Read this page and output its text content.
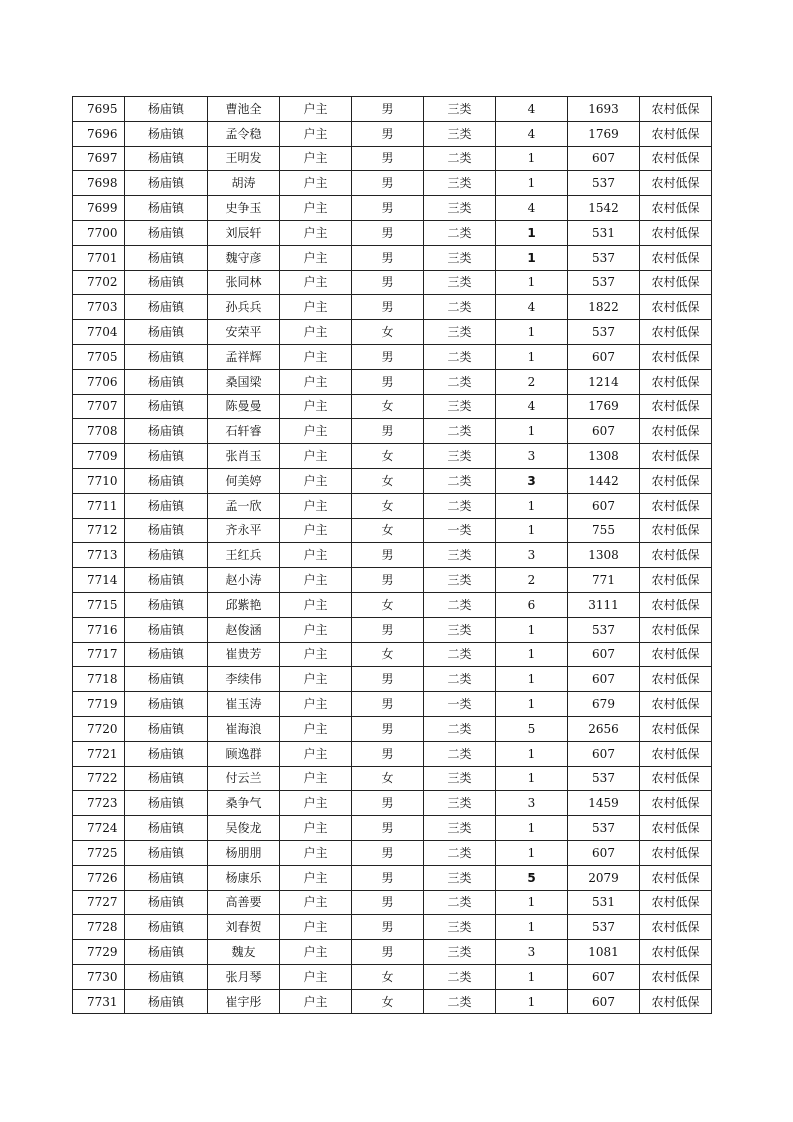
7695	杨庙镇	曹池全	户主	男	三类	4	1693	农村低保
7696	杨庙镇	孟令稳	户主	男	三类	4	1769	农村低保
7697	杨庙镇	王明发	户主	男	二类	1	607	农村低保
7698	杨庙镇	胡涛	户主	男	三类	1	537	农村低保
7699	杨庙镇	史争玉	户主	男	三类	4	1542	农村低保
7700	杨庙镇	刘辰轩	户主	男	二类	1	531	农村低保
7701	杨庙镇	魏守彦	户主	男	三类	1	537	农村低保
7702	杨庙镇	张同林	户主	男	三类	1	537	农村低保
7703	杨庙镇	孙兵兵	户主	男	二类	4	1822	农村低保
7704	杨庙镇	安荣平	户主	女	三类	1	537	农村低保
7705	杨庙镇	孟祥辉	户主	男	二类	1	607	农村低保
7706	杨庙镇	桑国梁	户主	男	二类	2	1214	农村低保
7707	杨庙镇	陈曼曼	户主	女	三类	4	1769	农村低保
7708	杨庙镇	石轩睿	户主	男	二类	1	607	农村低保
7709	杨庙镇	张肖玉	户主	女	三类	3	1308	农村低保
7710	杨庙镇	何美婷	户主	女	二类	3	1442	农村低保
7711	杨庙镇	孟一欣	户主	女	二类	1	607	农村低保
7712	杨庙镇	齐永平	户主	女	一类	1	755	农村低保
7713	杨庙镇	王红兵	户主	男	三类	3	1308	农村低保
7714	杨庙镇	赵小涛	户主	男	三类	2	771	农村低保
7715	杨庙镇	邱紫艳	户主	女	二类	6	3111	农村低保
7716	杨庙镇	赵俊涵	户主	男	三类	1	537	农村低保
7717	杨庙镇	崔贵芳	户主	女	二类	1	607	农村低保
7718	杨庙镇	李续伟	户主	男	二类	1	607	农村低保
7719	杨庙镇	崔玉涛	户主	男	一类	1	679	农村低保
7720	杨庙镇	崔海浪	户主	男	二类	5	2656	农村低保
7721	杨庙镇	顾逸群	户主	男	二类	1	607	农村低保
7722	杨庙镇	付云兰	户主	女	三类	1	537	农村低保
7723	杨庙镇	桑争气	户主	男	三类	3	1459	农村低保
7724	杨庙镇	吴俊龙	户主	男	三类	1	537	农村低保
7725	杨庙镇	杨朋朋	户主	男	二类	1	607	农村低保
7726	杨庙镇	杨康乐	户主	男	三类	5	2079	农村低保
7727	杨庙镇	高善要	户主	男	二类	1	531	农村低保
7728	杨庙镇	刘春贺	户主	男	三类	1	537	农村低保
7729	杨庙镇	魏友	户主	男	三类	3	1081	农村低保
7730	杨庙镇	张月琴	户主	女	二类	1	607	农村低保
7731	杨庙镇	崔宇彤	户主	女	二类	1	607	农村低保
